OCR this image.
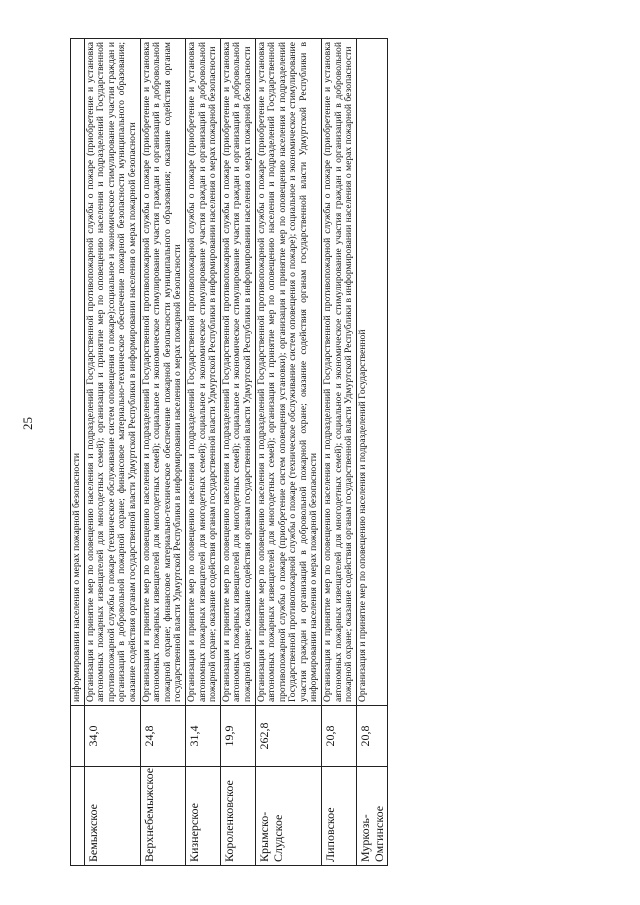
25
		информировании населения о мерах пожарной безопасности
Бемыжское	34,0	Организация и принятие мер по оповещению населения и подразделений Государственной противопожарной службы о пожаре (приобретение и установка автономных пожарных извещателей для многодетных семей); организация и принятие мер по оповещению населения и подразделений Государственной противопожарной службы о пожаре (техническое обслуживание систем оповещения о пожаре);социальное и экономическое стимулирование участия граждан и организаций в добровольной пожарной охране; финансовое материально-техническое обеспечение пожарной безопасности муниципального образования; оказание содействия органам государственной власти Удмуртской Республики в информировании населения о мерах пожарной безопасности
Верхнебемыжское	24,8	Организация и принятие мер по оповещению населения и подразделений Государственной противопожарной службы о пожаре (приобретение и установка автономных пожарных извещателей для многодетных семей); социальное и экономическое стимулирование участия граждан и организаций в добровольной пожарной охране; финансовое материально-техническое обеспечение пожарной безопасности муниципального образования; оказание содействия органам государственной власти Удмуртской Республики в информировании населения о мерах пожарной безопасности
Кизнерское	31,4	Организация и принятие мер по оповещению населения и подразделений Государственной противопожарной службы о пожаре (приобретение и установка автономных пожарных извещателей для многодетных семей); социальное и экономическое стимулирование участия граждан и организаций в добровольной пожарной охране; оказание содействия органам государственной власти Удмуртской Республики в информировании населения о мерах пожарной безопасности
Короленковское	19,9	Организация и принятие мер по оповещению населения и подразделений Государственной противопожарной службы о пожаре (приобретение и установка автономных пожарных извещателей для многодетных семей); социальное и экономическое стимулирование участия граждан и организаций в добровольной пожарной охране; оказание содействия органам государственной власти Удмуртской Республики в информировании населения о мерах пожарной безопасности
Крымско-Слудское	262,8	Организация и принятие мер по оповещению населения и подразделений Государственной противопожарной службы о пожаре (приобретение и установка автономных пожарных извещателей для многодетных семей); организация и принятие мер по оповещению населения и подразделений Государственной противопожарной службы о пожаре (приобретение систем оповещения установки); организация и принятие мер по оповещению населения и подразделений Государственной противопожарной службы о пожаре (техническое обслуживание систем оповещения о пожаре); социальное и экономическое стимулирование участия граждан и организаций в добровольной пожарной охране; оказание содействия органам государственной власти Удмуртской Республики в информировании населения о мерах пожарной безопасности
Липовское	20,8	Организация и принятие мер по оповещению населения и подразделений Государственной противопожарной службы о пожаре (приобретение и установка автономных пожарных извещателей для многодетных семей); социальное и экономическое стимулирование участия граждан и организаций в добровольной пожарной охране; оказание содействия органам государственной власти Удмуртской Республики в информировании населения о мерах пожарной безопасности
Муркозь-Омгинское	20,8	Организация и принятие мер по оповещению населения и подразделений Государственной
